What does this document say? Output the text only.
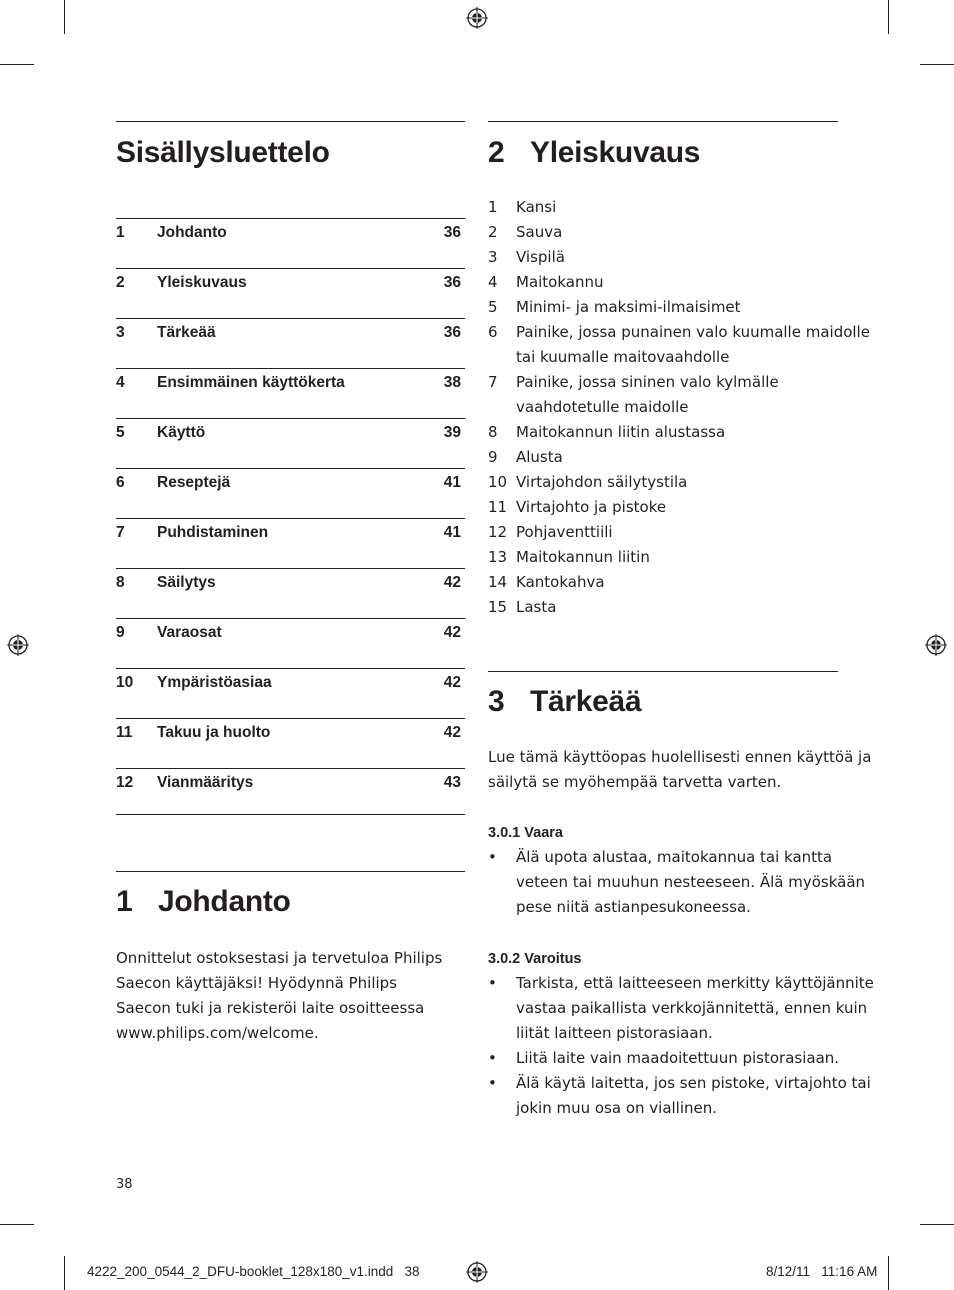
Sisällysluettelo
1 Johdanto	36
2 Yleiskuvaus	36
3 Tärkeää	36
4 Ensimmäinen käyttökerta	38
5 Käyttö	39
6 Reseptejä	41
7 Puhdistaminen	41
8 Säilytys	42
9 Varaosat	42
10 Ympäristöasiaa	42
11 Takuu ja huolto	42
12 Vianmääritys	43
1 Johdanto
Onnittelut ostoksestasi ja tervetuloa Philips
Saecon käyttäjäksi! Hyödynnä Philips
Saecon tuki ja rekisteröi laite osoitteessa
www.philips.com/welcome.
2 Yleiskuvaus
1 Kansi
2 Sauva
3 Vispilä
4 Maitokannu
5 Minimi- ja maksimi-ilmaisimet
6 Painike, jossa punainen valo kuumalle maidolle
tai kuumalle maitovaahdolle
7 Painike, jossa sininen valo kylmälle
vaahdotetulle maidolle
8 Maitokannun liitin alustassa
9 Alusta
10 Virtajohdon säilytystila
11 Virtajohto ja pistoke
12 Pohjaventtiili
13 Maitokannun liitin
14 Kantokahva
15 Lasta
3 Tärkeää
Lue tämä käyttöopas huolellisesti ennen käyttöä ja
säilytä se myöhempää tarvetta varten.
3.0.1 Vaara
• Älä upota alustaa, maitokannua tai kantta
veteen tai muuhun nesteeseen. Älä myöskään
pese niitä astianpesukoneessa.
3.0.2 Varoitus
• Tarkista, että laitteeseen merkitty käyttöjännite
vastaa paikallista verkkojännitettä, ennen kuin
liität laitteen pistorasiaan.
• Liitä laite vain maadoitettuun pistorasiaan.
• Älä käytä laitetta, jos sen pistoke, virtajohto tai
jokin muu osa on viallinen.
38
4222_200_0544_2_DFU-booklet_128x180_v1.indd   38	8/12/11   11:16 AM
